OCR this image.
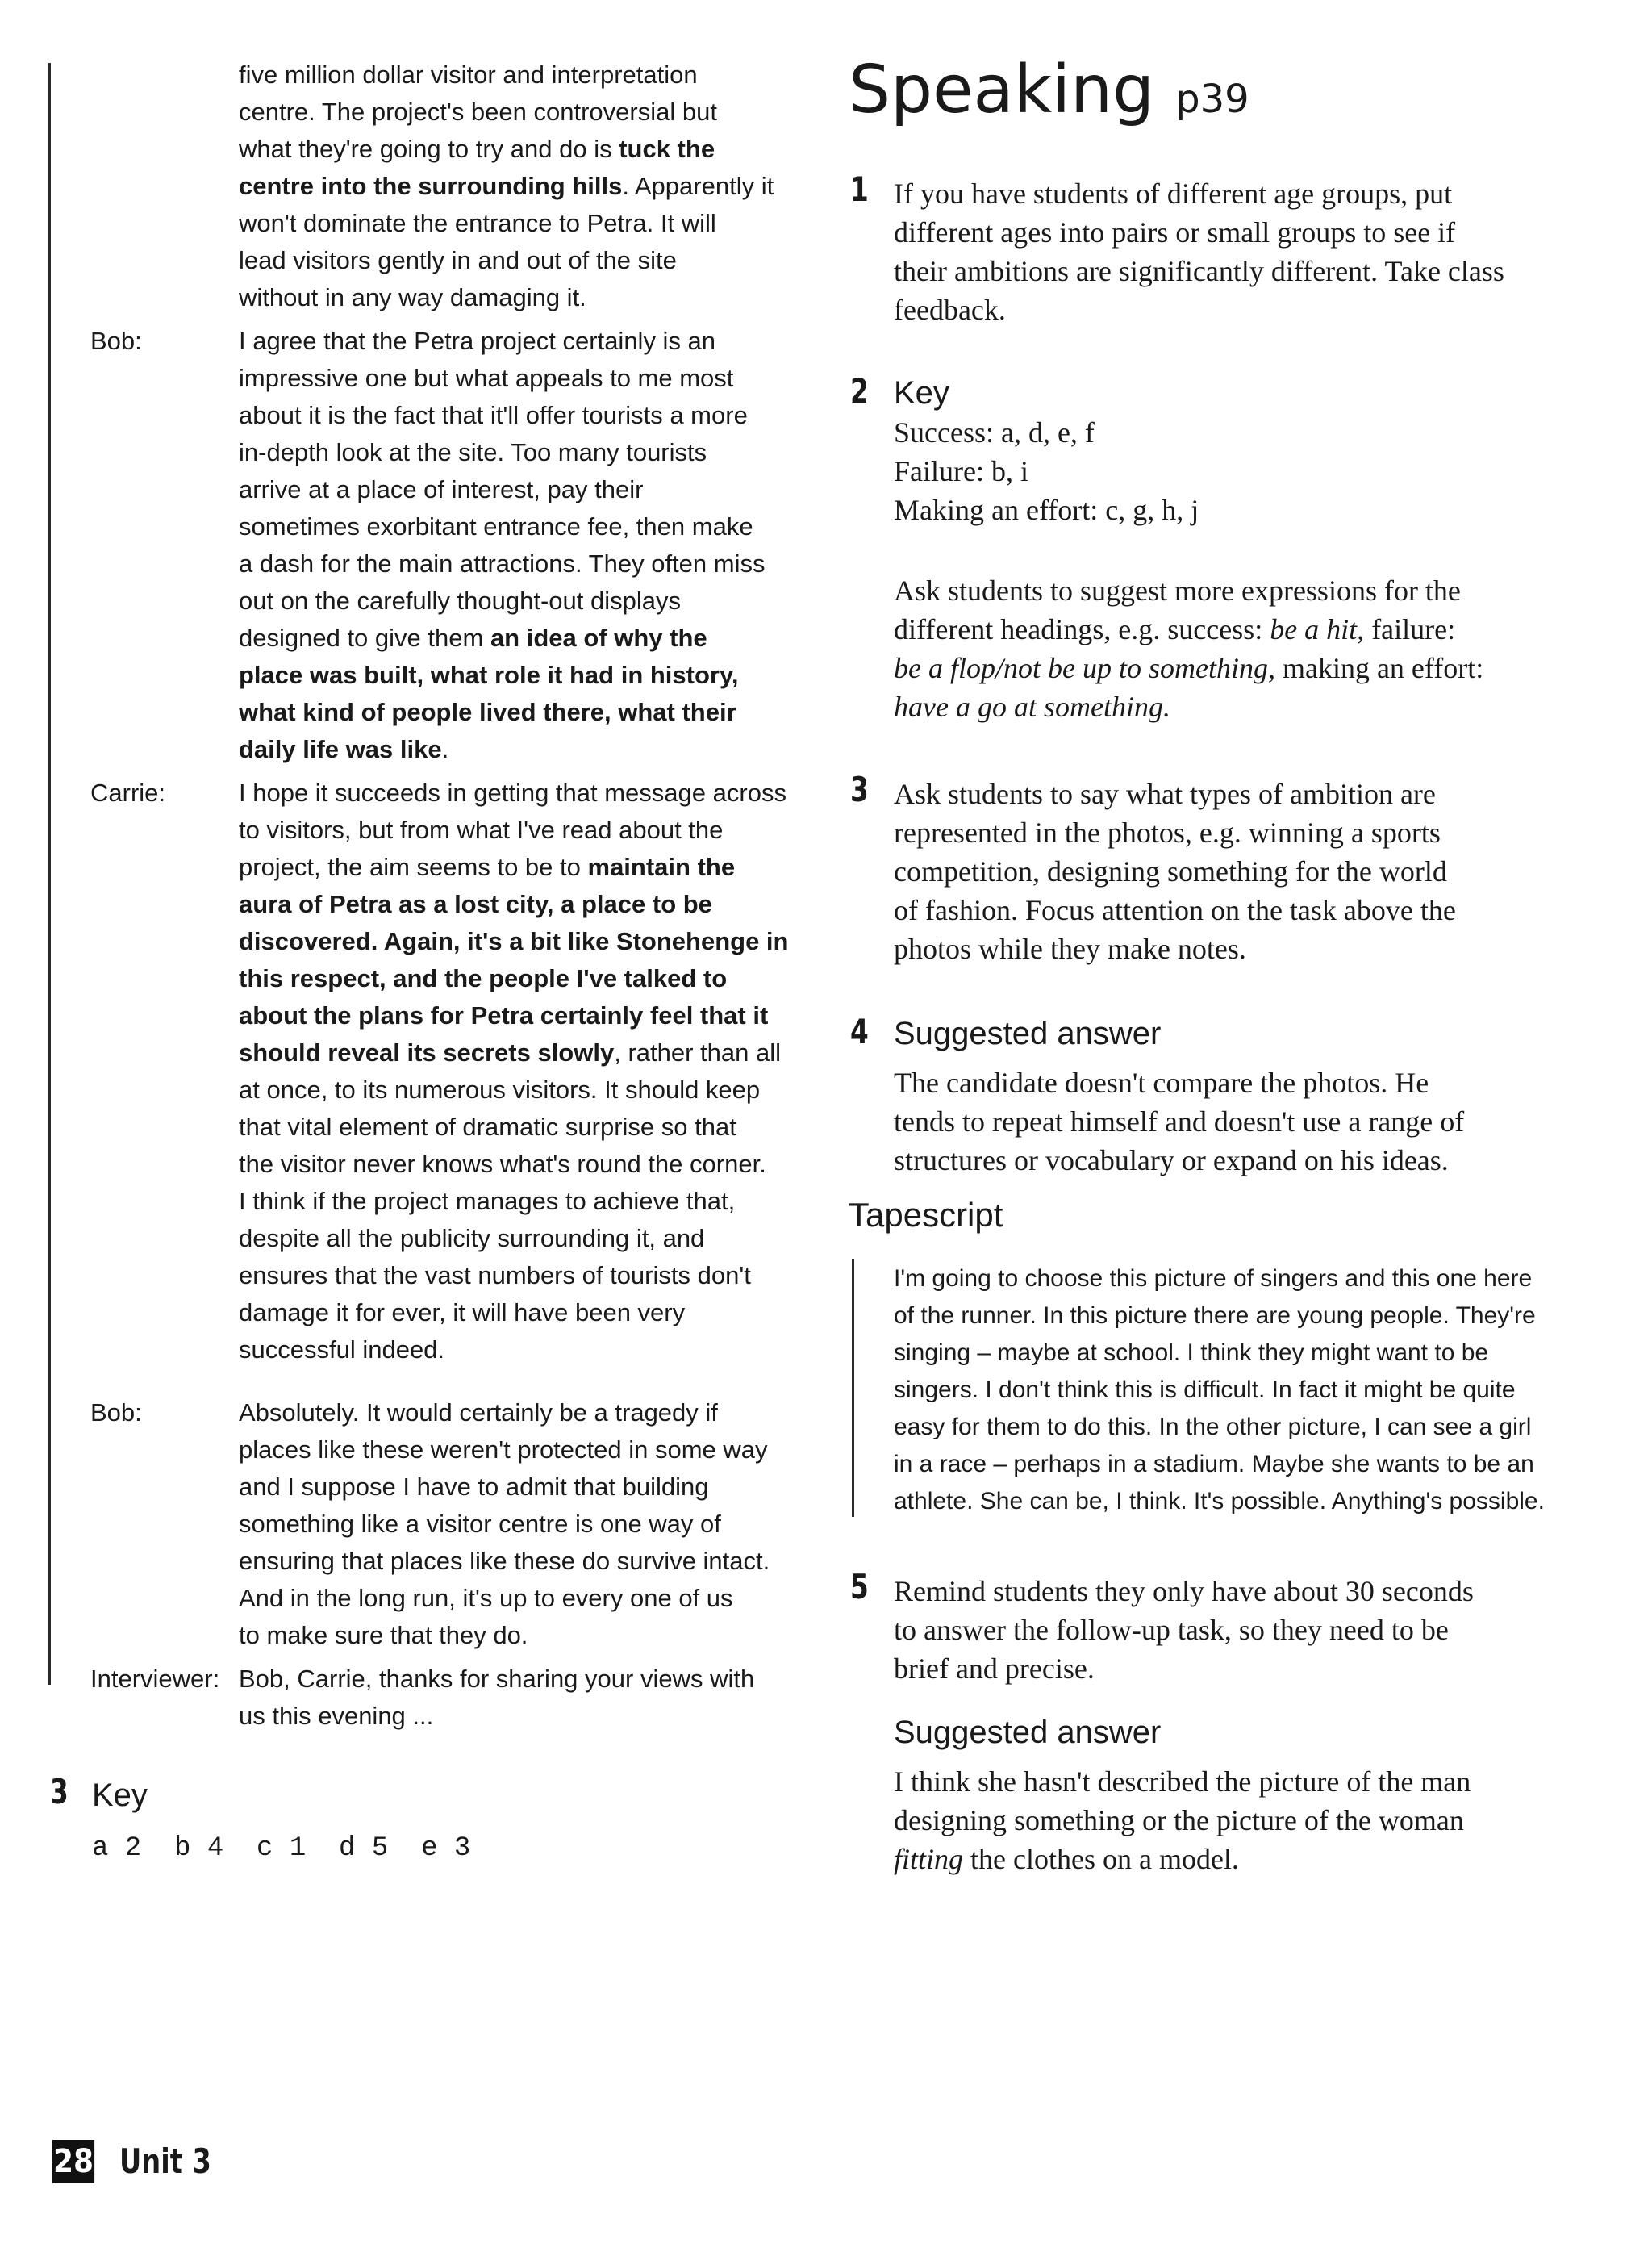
five million dollar visitor and interpretation
centre. The project's been controversial but
what they're going to try and do is tuck the
centre into the surrounding hills. Apparently it
won't dominate the entrance to Petra. It will
lead visitors gently in and out of the site
without in any way damaging it.
Bob:	I agree that the Petra project certainly is an
impressive one but what appeals to me most
about it is the fact that it'll offer tourists a more
in-depth look at the site. Too many tourists
arrive at a place of interest, pay their
sometimes exorbitant entrance fee, then make
a dash for the main attractions. They often miss
out on the carefully thought-out displays
designed to give them an idea of why the
place was built, what role it had in history,
what kind of people lived there, what their
daily life was like.
Carrie:	I hope it succeeds in getting that message across
to visitors, but from what I've read about the
project, the aim seems to be to maintain the
aura of Petra as a lost city, a place to be
discovered. Again, it's a bit like Stonehenge in
this respect, and the people I've talked to
about the plans for Petra certainly feel that it
should reveal its secrets slowly, rather than all
at once, to its numerous visitors. It should keep
that vital element of dramatic surprise so that
the visitor never knows what's round the corner.
I think if the project manages to achieve that,
despite all the publicity surrounding it, and
ensures that the vast numbers of tourists don't
damage it for ever, it will have been very
successful indeed.
Bob:	Absolutely. It would certainly be a tragedy if
places like these weren't protected in some way
and I suppose I have to admit that building
something like a visitor centre is one way of
ensuring that places like these do survive intact.
And in the long run, it's up to every one of us
to make sure that they do.
Interviewer: Bob, Carrie, thanks for sharing your views with
us this evening ...
3 Key
a 2  b 4  c 1  d 5  e 3
Speaking p39
1 If you have students of different age groups, put
different ages into pairs or small groups to see if
their ambitions are significantly different. Take class
feedback.
2 Key
Success: a, d, e, f
Failure: b, i
Making an effort: c, g, h, j
Ask students to suggest more expressions for the
different headings, e.g. success: be a hit, failure:
be a flop/not be up to something, making an effort:
have a go at something.
3 Ask students to say what types of ambition are
represented in the photos, e.g. winning a sports
competition, designing something for the world
of fashion. Focus attention on the task above the
photos while they make notes.
4 Suggested answer
The candidate doesn't compare the photos. He
tends to repeat himself and doesn't use a range of
structures or vocabulary or expand on his ideas.
Tapescript
I'm going to choose this picture of singers and this one here
of the runner. In this picture there are young people. They're
singing – maybe at school. I think they might want to be
singers. I don't think this is difficult. In fact it might be quite
easy for them to do this. In the other picture, I can see a girl
in a race – perhaps in a stadium. Maybe she wants to be an
athlete. She can be, I think. It's possible. Anything's possible.
5 Remind students they only have about 30 seconds
to answer the follow-up task, so they need to be
brief and precise.
Suggested answer
I think she hasn't described the picture of the man
designing something or the picture of the woman
fitting the clothes on a model.
28 Unit 3
